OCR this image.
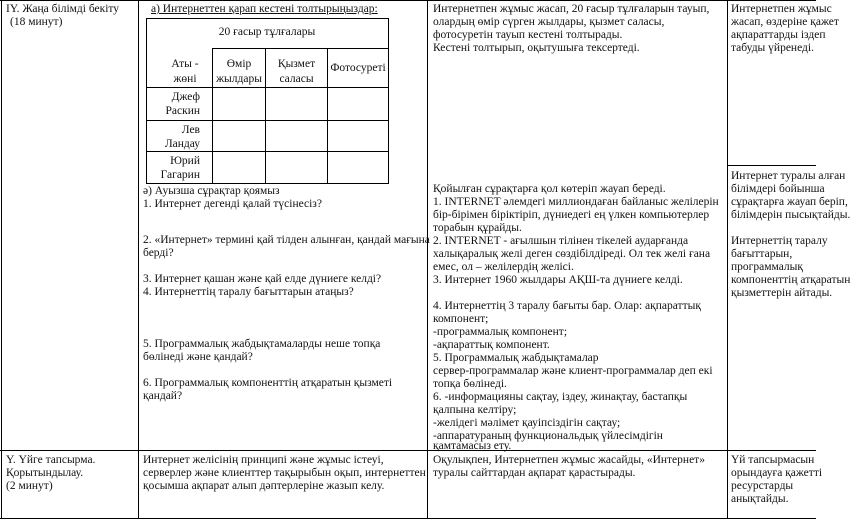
IY. Жаңа білімді бекіту
(18 минут)
а) Интернеттен қарап кестені толтырыңыздар:
20 ғасыр тұлғалары
Аты -
жөні
Өмір
жылдары
Қызмет
саласы
Фотосуреті
Джеф
Раскин
Лев
Ландау
Юрий
Гагарин
ә) Ауызша сұрақтар қоямыз
1. Интернет дегенді қалай түсінесіз?
2. «Интернет» термині қай тілден алынған, қандай мағына
берді?
3. Интернет қашан және қай елде дүниеге келді?
4. Интернеттің таралу бағыттарын атаңыз?
5. Программалық жабдықтамаларды неше топқа
бөлінеді және қандай?
6. Программалық компоненттің атқаратын қызметі
қандай?
Интернетпен жұмыс жасап, 20 ғасыр тұлғаларын тауып,
олардың өмір сүрген жылдары, қызмет саласы,
фотосуретін тауып кестені толтырады.
Кестені толтырып, оқытушыға тексертеді.
Қойылған сұрақтарға қол көтеріп жауап береді.
1. INTERNET әлемдегі миллиондаған байланыс желілерін
бір-бірімен біріктіріп, дүниедегі ең үлкен компьютерлер
торабын құрайды.
2. INTERNET - ағылшын тілінен тікелей аударғанда
халықаралық желі деген сөздібілдіреді. Ол тек желі ғана
емес, ол – желілердің желісі.
3. Интернет 1960 жылдары АҚШ-та дүниеге келді.
4. Интернеттің 3 таралу бағыты бар. Олар: ақпараттық
компонент;
-программалық компонент;
-ақпараттық компонент.
5. Программалық жабдықтамалар
сервер-программалар және клиент-программалар деп екі
топқа бөлінеді.
6. -информацияны сақтау, іздеу, жинақтау, бастапқы
қалпына келтіру;
-желідегі мәлімет қауіпсіздігін сақтау;
-аппаратураның функциональдық үйлесімдігін
қамтамасыз ету.
Интернетпен жұмыс
жасап, өздеріне қажет
ақпараттарды іздеп
табуды үйренеді.
Интернет туралы алған
білімдері бойынша
сұрақтарға жауап беріп,
білімдерін пысықтайды.
Интернеттің таралу
бағыттарын,
программалық
компоненттің атқаратын
қызметтерін айтады.
Y. Үйге тапсырма.
Қорытындылау.
(2 минут)
Интернет желісінің принципі және жұмыс істеуі,
серверлер және клиенттер тақырыбын оқып, интернеттен
қосымша ақпарат алып дәптерлеріне жазып келу.
Оқулықпен, Интернетпен жұмыс жасайды, «Интернет»
туралы сайттардан ақпарат қарастырады.
Үй тапсырмасын
орындауға қажетті
ресурстарды
анықтайды.
